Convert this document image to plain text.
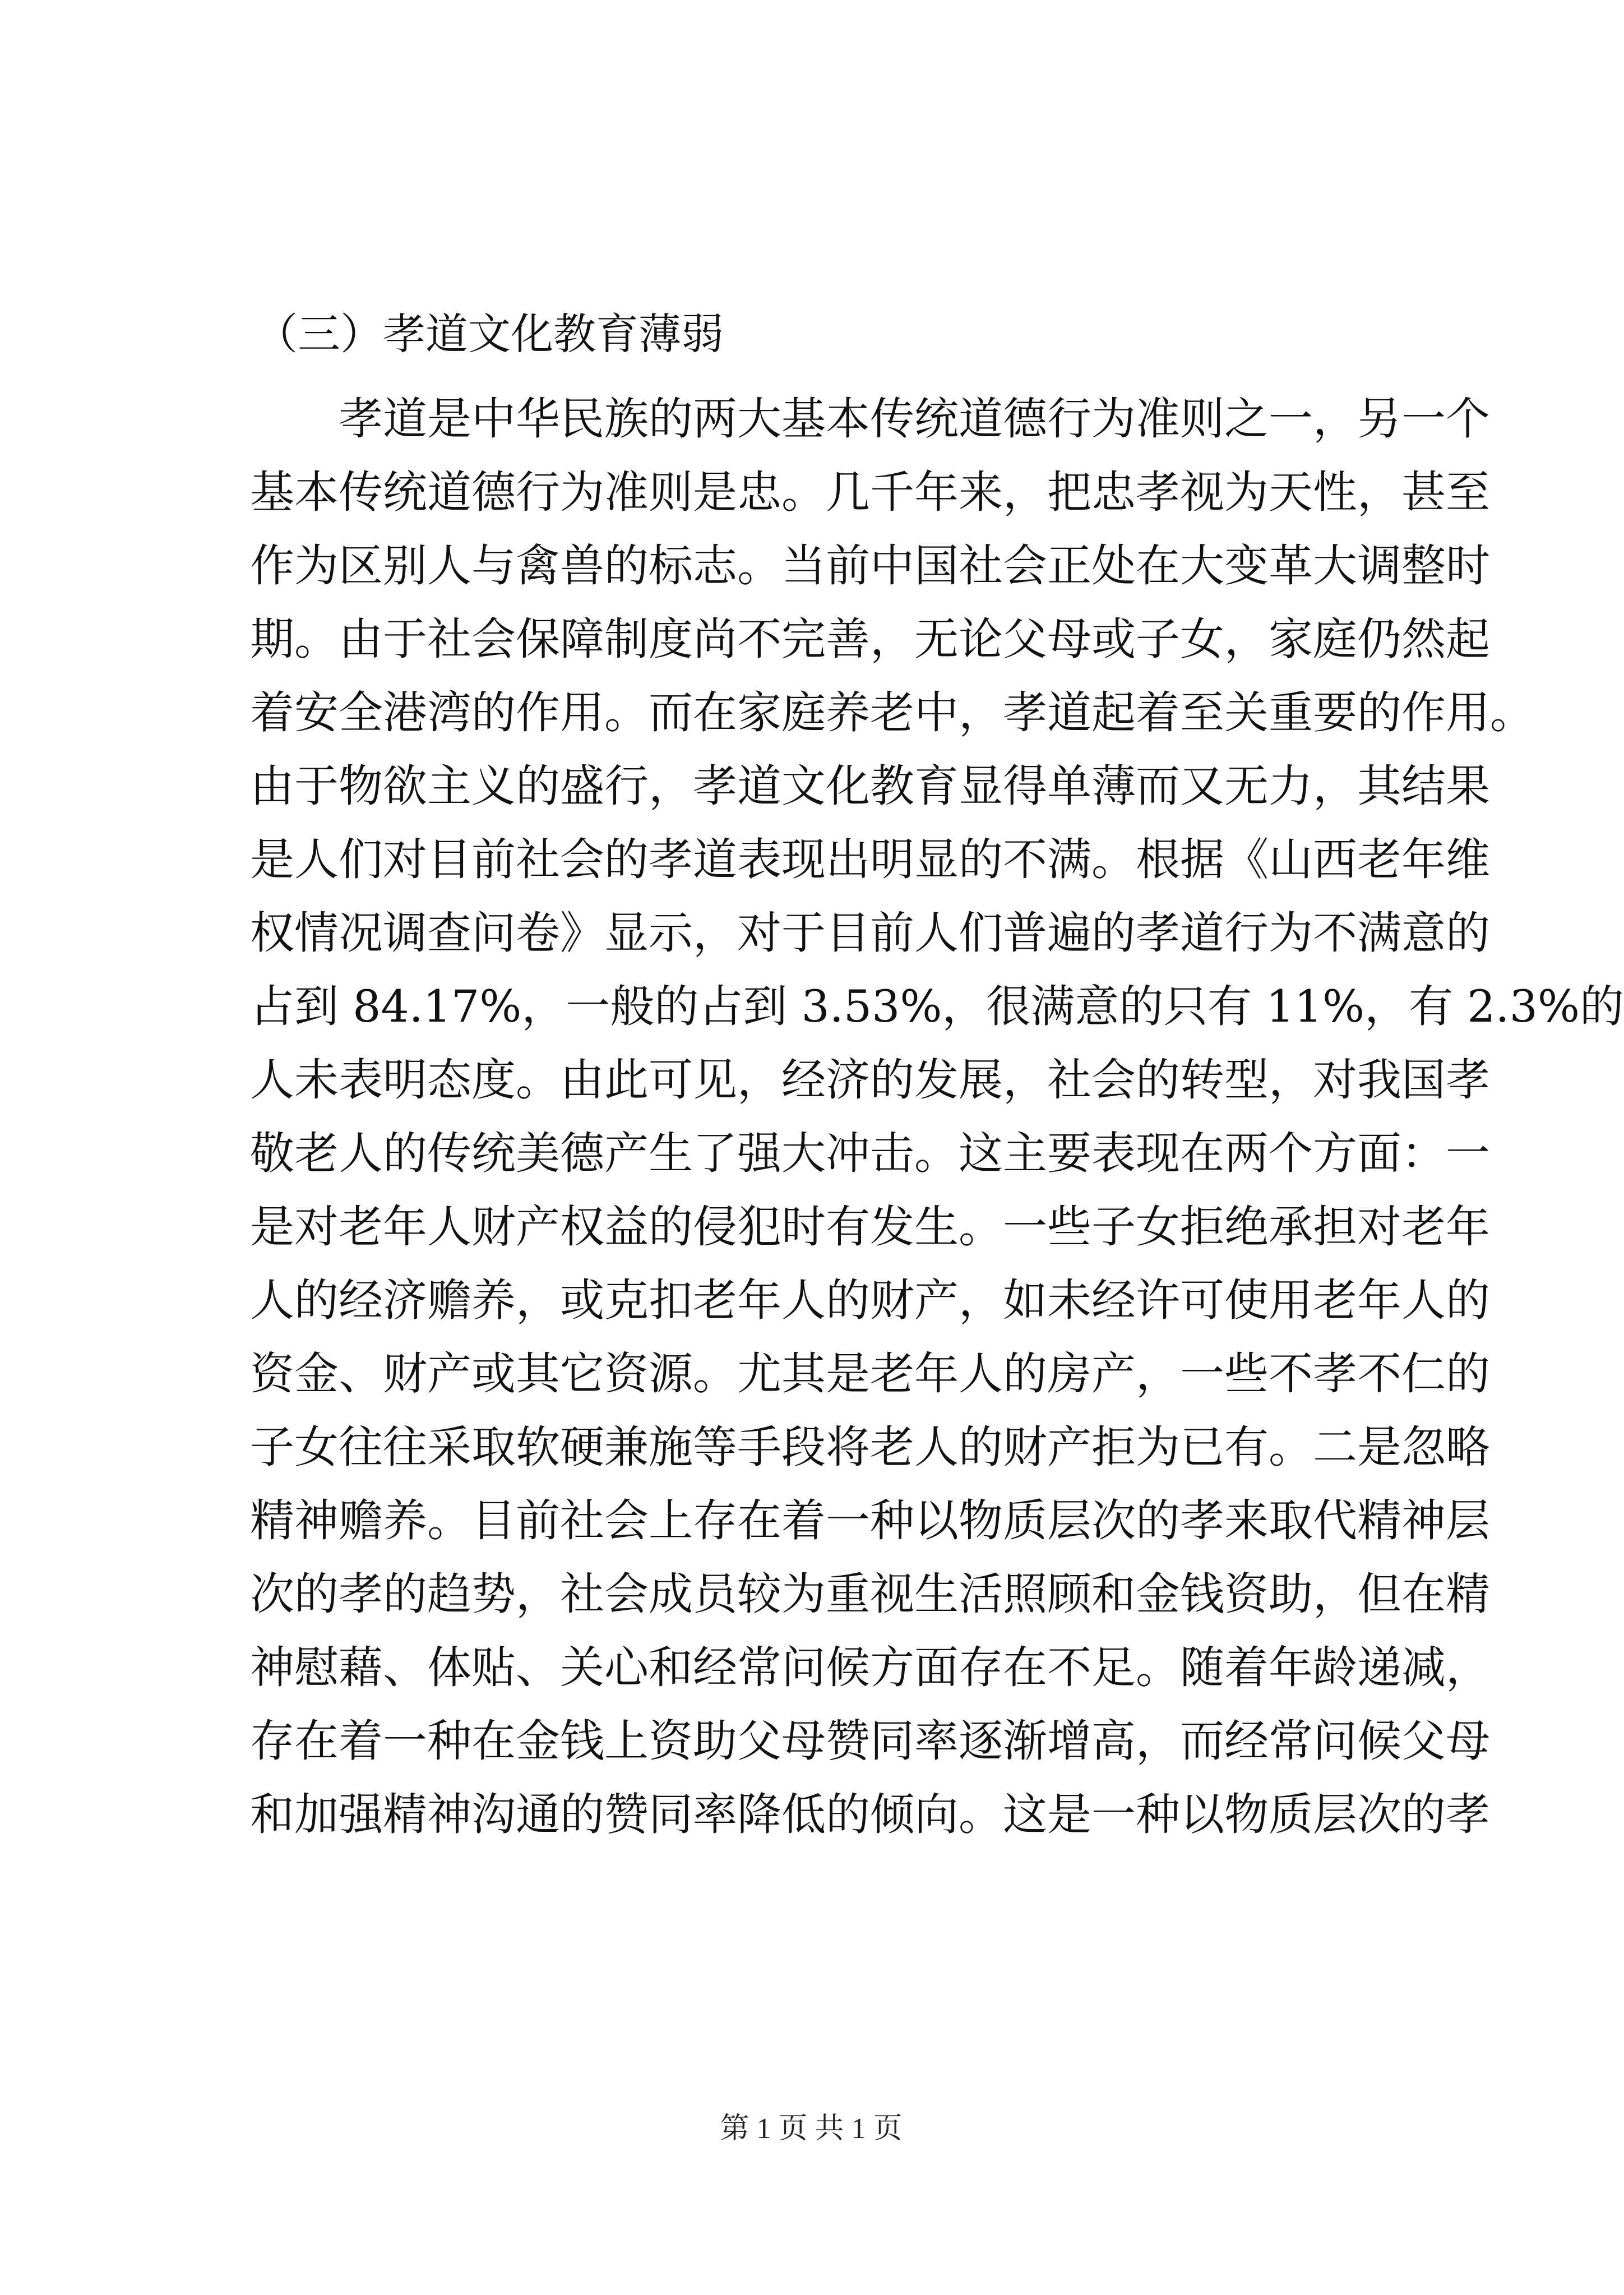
（三）孝道文化教育薄弱
孝道是中华民族的两大基本传统道德行为准则之一，另一个
基本传统道德行为准则是忠。几千年来，把忠孝视为天性，甚至
作为区别人与禽兽的标志。当前中国社会正处在大变革大调整时
期。由于社会保障制度尚不完善，无论父母或子女，家庭仍然起
着安全港湾的作用。而在家庭养老中，孝道起着至关重要的作用。
由于物欲主义的盛行，孝道文化教育显得单薄而又无力，其结果
是人们对目前社会的孝道表现出明显的不满。根据《山西老年维
权情况调查问卷》显示，对于目前人们普遍的孝道行为不满意的
占到 84.17%，一般的占到 3.53%，很满意的只有 11%，有 2.3%的
人未表明态度。由此可见，经济的发展，社会的转型，对我国孝
敬老人的传统美德产生了强大冲击。这主要表现在两个方面：一
是对老年人财产权益的侵犯时有发生。一些子女拒绝承担对老年
人的经济赡养，或克扣老年人的财产，如未经许可使用老年人的
资金、财产或其它资源。尤其是老年人的房产，一些不孝不仁的
子女往往采取软硬兼施等手段将老人的财产拒为已有。二是忽略
精神赡养。目前社会上存在着一种以物质层次的孝来取代精神层
次的孝的趋势，社会成员较为重视生活照顾和金钱资助，但在精
神慰藉、体贴、关心和经常问候方面存在不足。随着年龄递减，
存在着一种在金钱上资助父母赞同率逐渐增高，而经常问候父母
和加强精神沟通的赞同率降低的倾向。这是一种以物质层次的孝
第 1 页 共 1 页
